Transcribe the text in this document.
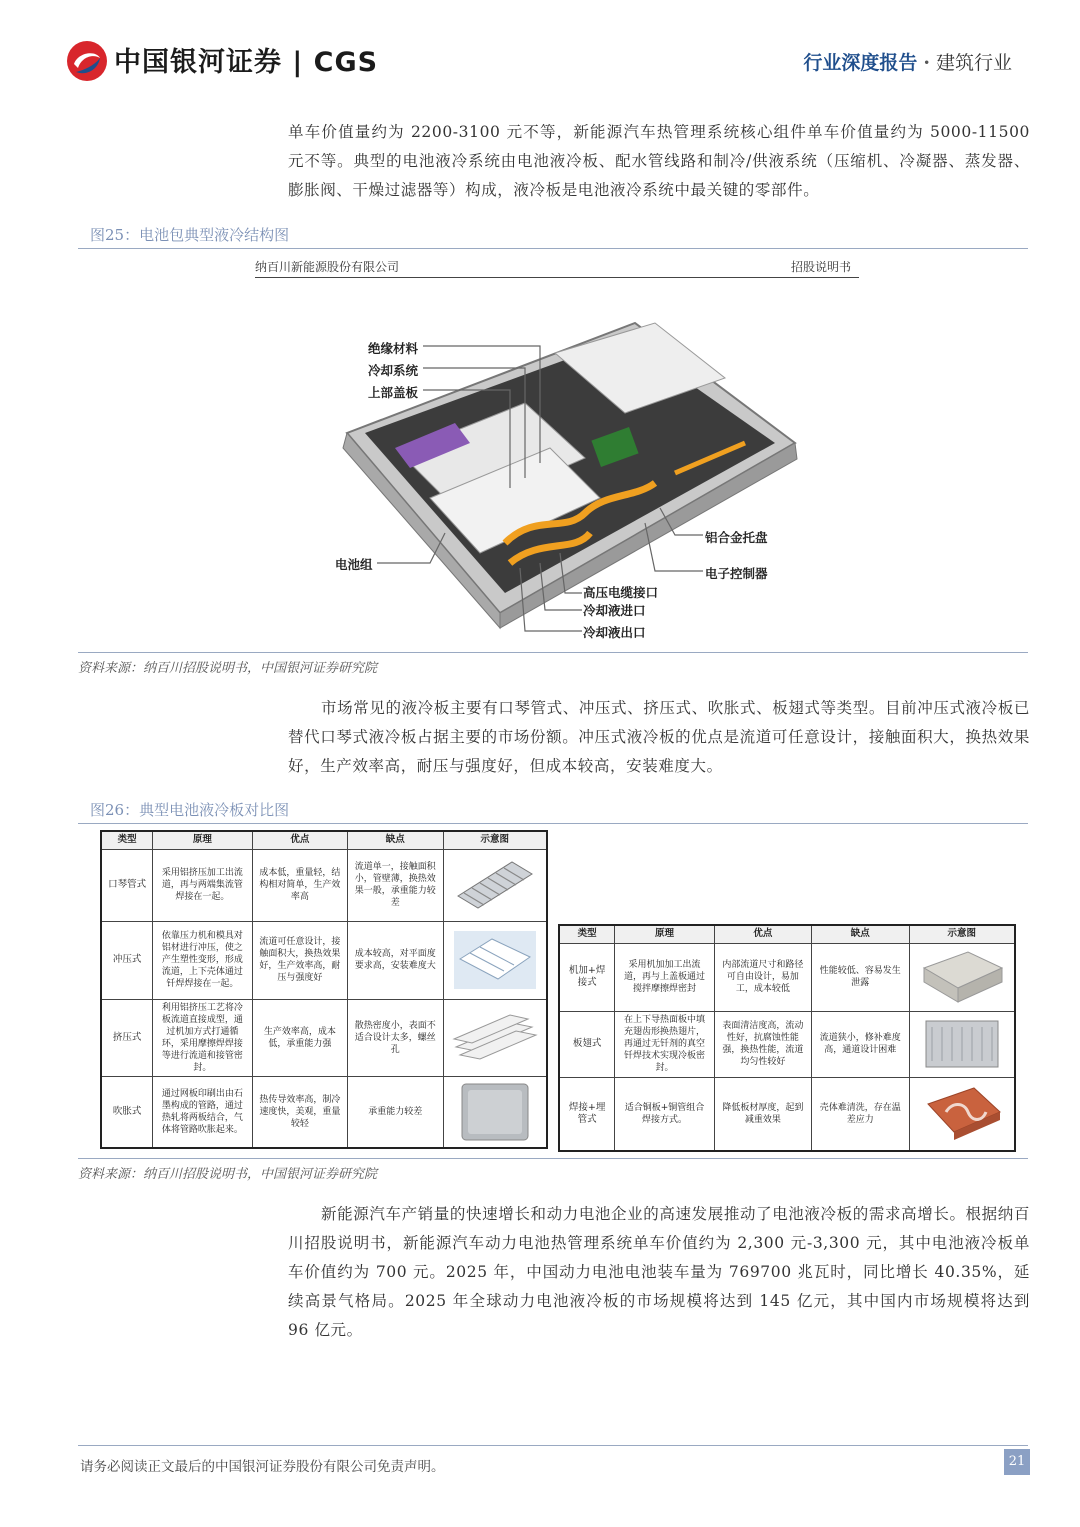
中国银河证券 | CGS	行业深度报告 · 建筑行业

单车价值量约为 2200-3100 元不等，新能源汽车热管理系统核心组件单车价值量约为 5000-11500 元不等。典型的电池液冷系统由电池液冷板、配水管线路和制冷/供液系统（压缩机、冷凝器、蒸发器、膨胀阀、干燥过滤器等）构成，液冷板是电池液冷系统中最关键的零部件。

图25：电池包典型液冷结构图
纳百川新能源股份有限公司	招股说明书
绝缘材料
冷却系统
上部盖板
电池组
铝合金托盘
电子控制器
高压电缆接口
冷却液进口
冷却液出口
资料来源：纳百川招股说明书，中国银河证券研究院

市场常见的液冷板主要有口琴管式、冲压式、挤压式、吹胀式、板翅式等类型。目前冲压式液冷板已替代口琴式液冷板占据主要的市场份额。冲压式液冷板的优点是流道可任意设计，接触面积大，换热效果好，生产效率高，耐压与强度好，但成本较高，安装难度大。

图26：典型电池液冷板对比图
类型	原理	优点	缺点	示意图
口琴管式	采用铝挤压加工出流道，再与两端集流管焊接在一起。	成本低，重量轻，结构相对简单，生产效率高	流道单一，接触面积小，管壁薄，换热效果一般，承重能力较差	

冲压式	依靠压力机和模具对铝材进行冲压，使之产生塑性变形，形成流道，上下壳体通过钎焊焊接在一起。	流道可任意设计，接触面积大，换热效果好，生产效率高，耐压与强度好	成本较高，对平面度要求高，安装难度大	

挤压式	利用铝挤压工艺将冷板流道直接成型，通过机加方式打通循环，采用摩擦焊焊接等进行流道和接管密封。	生产效率高，成本低，承重能力强	散热密度小，表面不适合设计太多，螺丝孔	

吹胀式	通过网板印刷出由石墨构成的管路，通过热轧将两板结合，气体将管路吹胀起来。	热传导效率高，制冷速度快，美观，重量较轻	承重能力较差	
类型	原理	优点	缺点	示意图
机加+焊接式	采用机加加工出流道，再与上盖板通过搅拌摩擦焊密封	内部流道尺寸和路径可自由设计，易加工，成本较低	性能较低、容易发生泄露	

板翅式	在上下导热面板中填充翅齿形换热翅片，再通过无钎剂的真空钎焊技术实现冷板密封。	表面清洁度高，流动性好，抗腐蚀性能强，换热性能，流道均匀性较好	流道狭小，修补难度高，通道设计困难	

焊接+埋管式	适合铜板+铜管组合焊接方式。	降低板材厚度，起到减重效果	壳体难清洗，存在温差应力	
资料来源：纳百川招股说明书，中国银河证券研究院

新能源汽车产销量的快速增长和动力电池企业的高速发展推动了电池液冷板的需求高增长。根据纳百川招股说明书，新能源汽车动力电池热管理系统单车价值约为 2,300 元-3,300 元，其中电池液冷板单车价值约为 700 元。2025 年，中国动力电池电池装车量为 769700 兆瓦时，同比增长 40.35%，延续高景气格局。2025 年全球动力电池液冷板的市场规模将达到 145 亿元，其中国内市场规模将达到 96 亿元。

请务必阅读正文最后的中国银河证券股份有限公司免责声明。	21
